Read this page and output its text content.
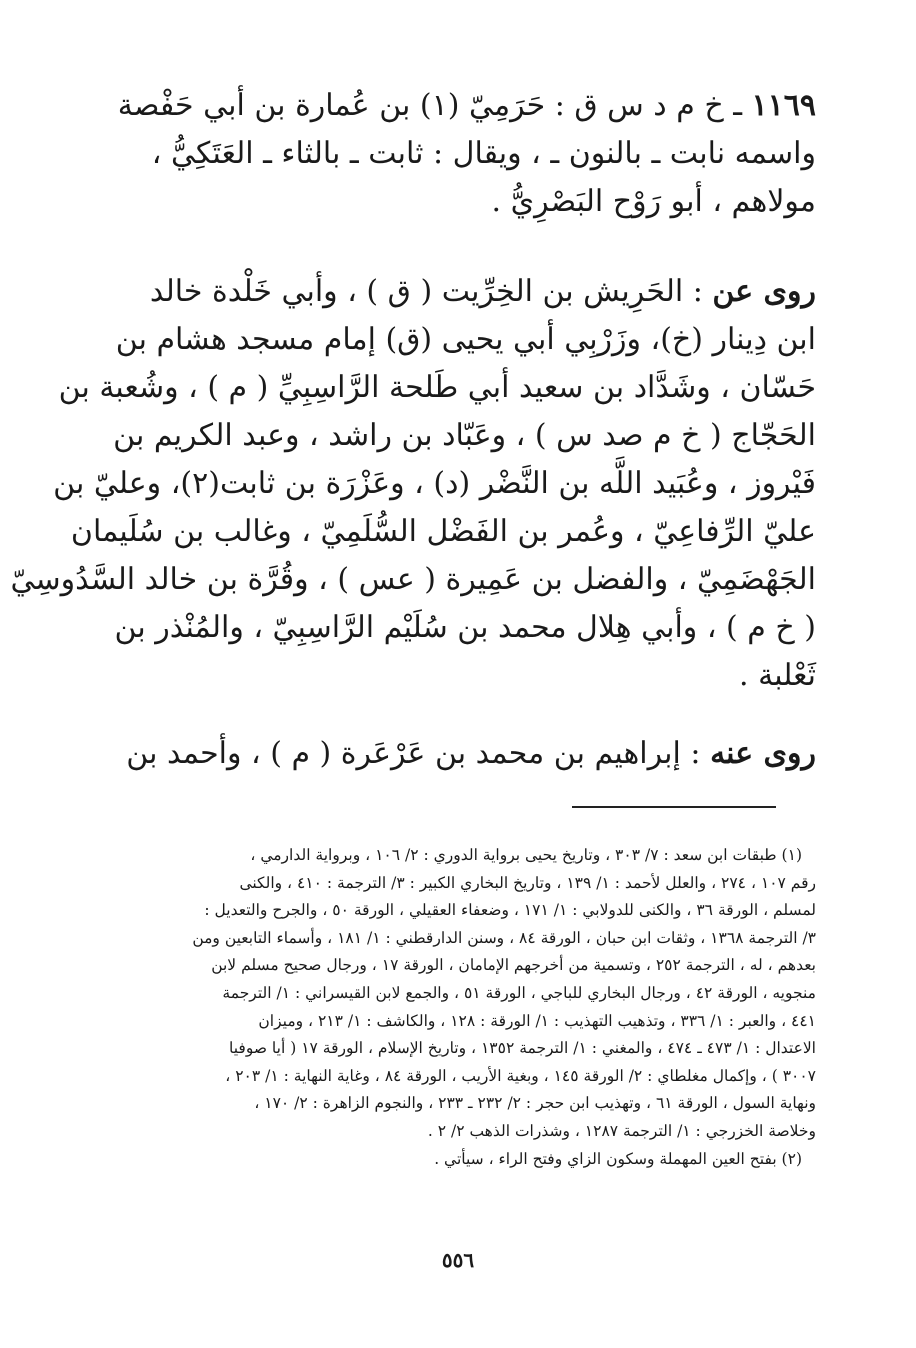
١١٦٩ ـ خ م د س ق : حَرَمِيّ (١) بن عُمارة بن أبي حَفْصة
واسمه نابت ـ بالنون ـ ، ويقال : ثابت ـ بالثاء ـ العَتَكِيُّ ،
مولاهم ، أبو رَوْح البَصْرِيُّ .
روى عن : الحَرِيش بن الخِرِّيت ( ق ) ، وأبي خَلْدة خالد
ابن دِينار (خ)، وزَرْبِي أبي يحيى (ق) إمام مسجد هشام بن
حَسّان ، وشَدَّاد بن سعيد أبي طَلحة الرَّاسِبِيِّ ( م ) ، وشُعبة بن
الحَجّاج ( خ م صد س ) ، وعَبّاد بن راشد ، وعبد الكريم بن
فَيْروز ، وعُبَيد اللَّه بن النَّضْر (د) ، وعَزْرَة بن ثابت(٢)، وعليّ بن
عليّ الرِّفاعِيّ ، وعُمر بن الفَضْل السُّلَمِيّ ، وغالب بن سُلَيمان
الجَهْضَمِيّ ، والفضل بن عَمِيرة ( عس ) ، وقُرَّة بن خالد السَّدُوسِيّ
( خ م ) ، وأبي هِلال محمد بن سُلَيْم الرَّاسِبِيّ ، والمُنْذر بن
ثَعْلبة .
روى عنه : إبراهيم بن محمد بن عَرْعَرة ( م ) ، وأحمد بن
(١) طبقات ابن سعد : ٧/ ٣٠٣ ، وتاريخ يحيى برواية الدوري : ٢/ ١٠٦ ، وبرواية الدارمي ،
رقم ١٠٧ ، ٢٧٤ ، والعلل لأحمد : ١/ ١٣٩ ، وتاريخ البخاري الكبير : ٣/ الترجمة : ٤١٠ ، والكنى
لمسلم ، الورقة ٣٦ ، والكنى للدولابي : ١/ ١٧١ ، وضعفاء العقيلي ، الورقة ٥٠ ، والجرح والتعديل :
٣/ الترجمة ١٣٦٨ ، وثقات ابن حبان ، الورقة ٨٤ ، وسنن الدارقطني : ١/ ١٨١ ، وأسماء التابعين ومن
بعدهم ، له ، الترجمة ٢٥٢ ، وتسمية من أخرجهم الإمامان ، الورقة ١٧ ، ورجال صحيح مسلم لابن
منجويه ، الورقة ٤٢ ، ورجال البخاري للباجي ، الورقة ٥١ ، والجمع لابن القيسراني : ١/ الترجمة
٤٤١ ، والعبر : ١/ ٣٣٦ ، وتذهيب التهذيب : ١/ الورقة : ١٢٨ ، والكاشف : ١/ ٢١٣ ، وميزان
الاعتدال : ١/ ٤٧٣ ـ ٤٧٤ ، والمغني : ١/ الترجمة ١٣٥٢ ، وتاريخ الإسلام ، الورقة ١٧ ( أيا صوفيا
٣٠٠٧ ) ، وإكمال مغلطاي : ٢/ الورقة ١٤٥ ، وبغية الأريب ، الورقة ٨٤ ، وغاية النهاية : ١/ ٢٠٣ ،
ونهاية السول ، الورقة ٦١ ، وتهذيب ابن حجر : ٢/ ٢٣٢ ـ ٢٣٣ ، والنجوم الزاهرة : ٢/ ١٧٠ ،
وخلاصة الخزرجي : ١/ الترجمة ١٢٨٧ ، وشذرات الذهب ٢/ ٢ .
(٢) بفتح العين المهملة وسكون الزاي وفتح الراء ، سيأتي .
٥٥٦
